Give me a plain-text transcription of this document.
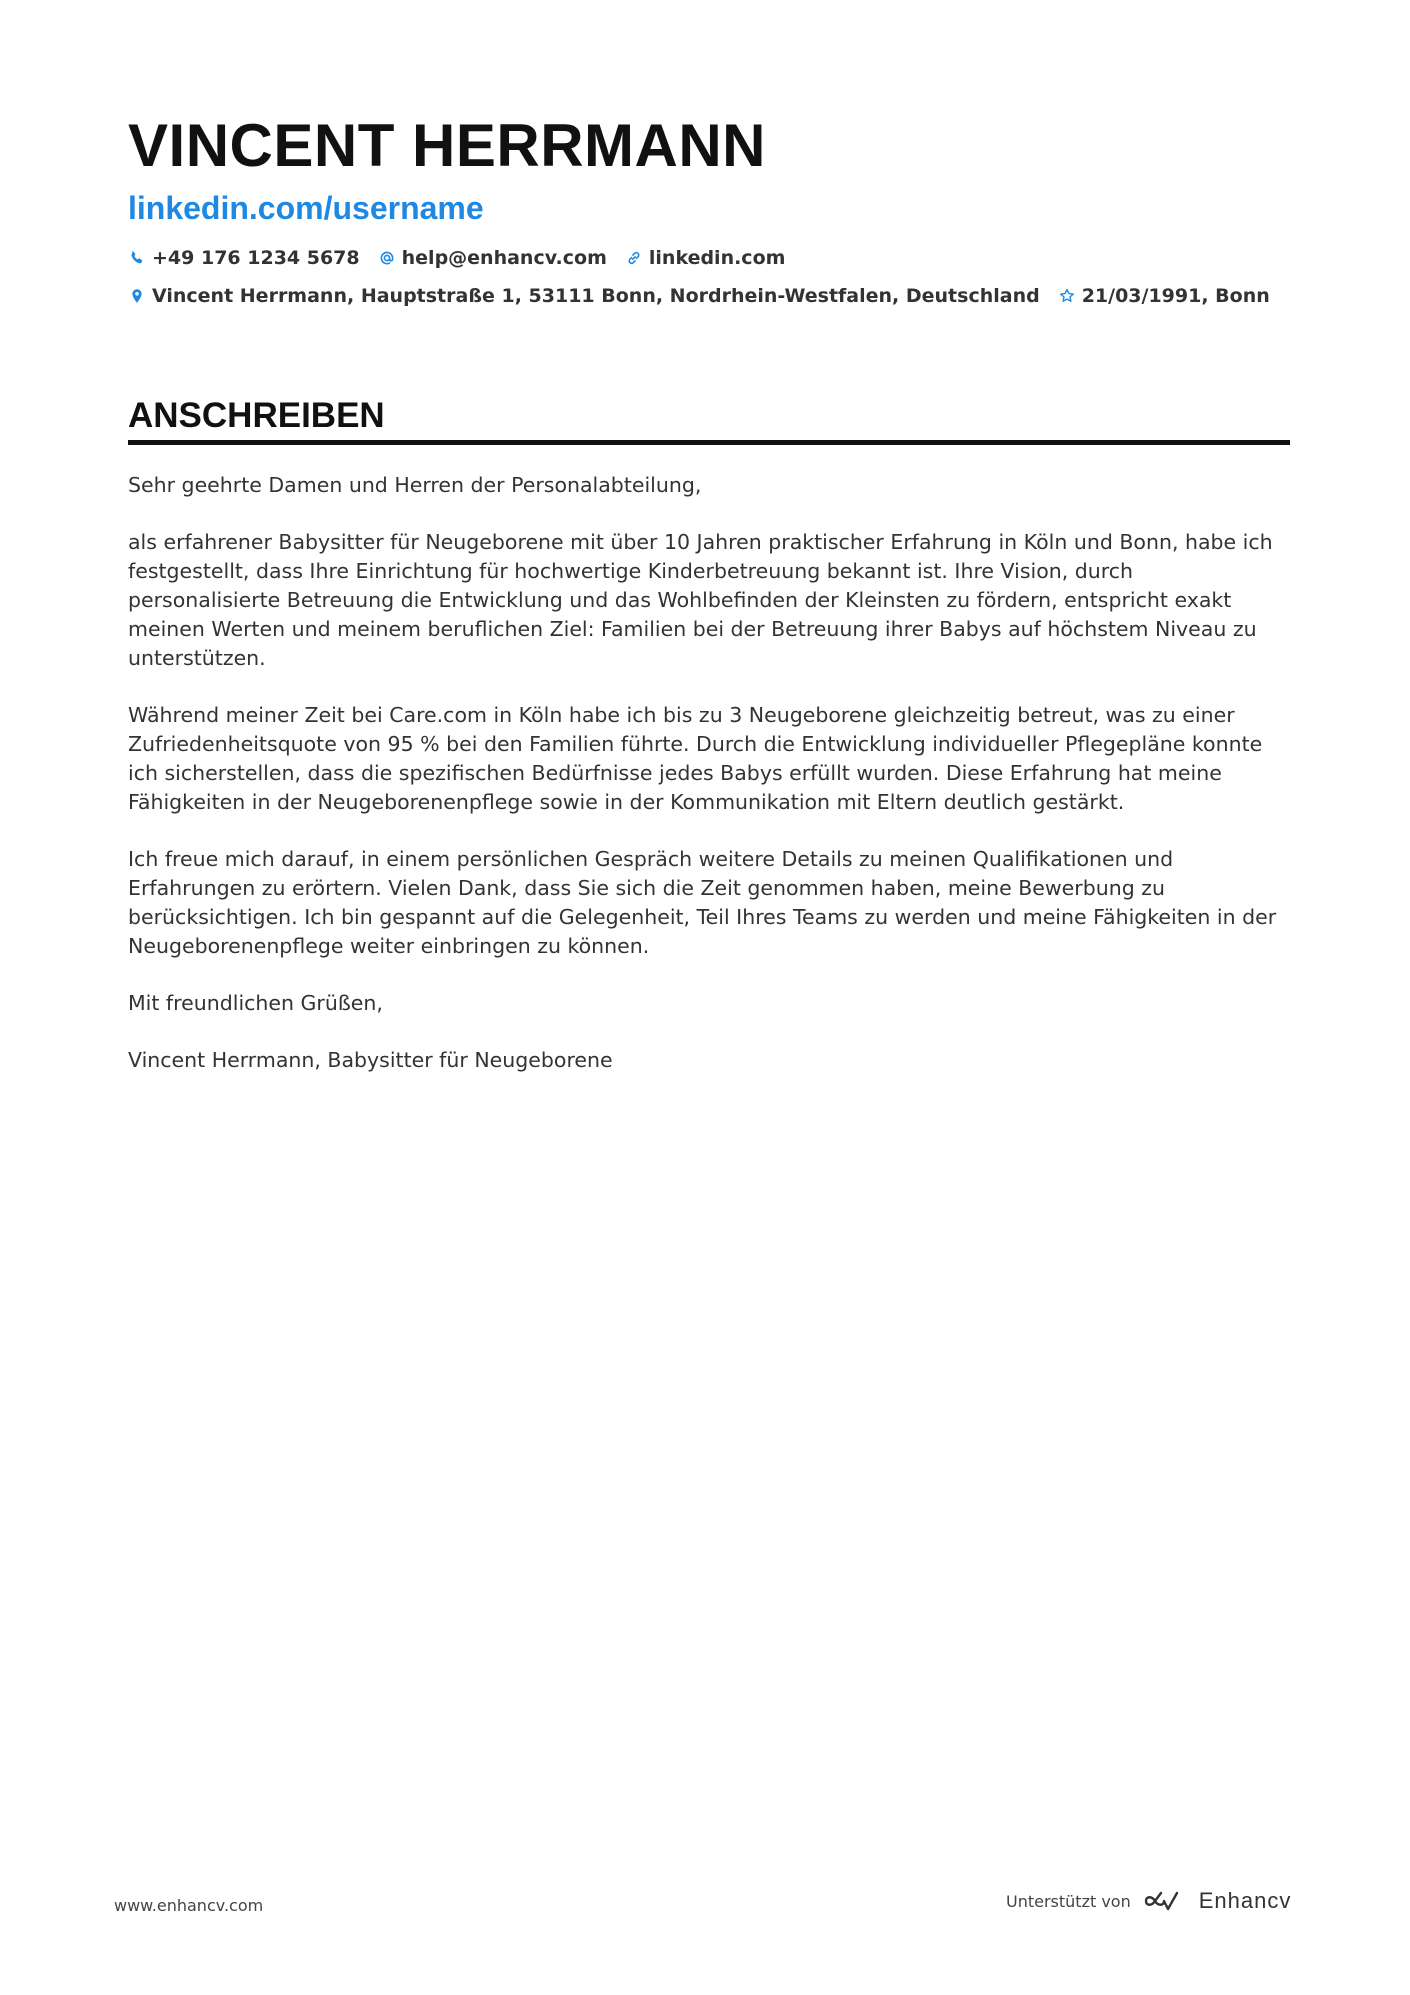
VINCENT HERRMANN
linkedin.com/username
+49 176 1234 5678 help@enhancv.com linkedin.com
Vincent Herrmann, Hauptstraße 1, 53111 Bonn, Nordrhein-Westfalen, Deutschland 21/03/1991, Bonn
ANSCHREIBEN

Sehr geehrte Damen und Herren der Personalabteilung,

als erfahrener Babysitter für Neugeborene mit über 10 Jahren praktischer Erfahrung in Köln und Bonn, habe ich festgestellt, dass Ihre Einrichtung für hochwertige Kinderbetreuung bekannt ist. Ihre Vision, durch personalisierte Betreuung die Entwicklung und das Wohlbefinden der Kleinsten zu fördern, entspricht exakt meinen Werten und meinem beruflichen Ziel: Familien bei der Betreuung ihrer Babys auf höchstem Niveau zu unterstützen.

Während meiner Zeit bei Care.com in Köln habe ich bis zu 3 Neugeborene gleichzeitig betreut, was zu einer Zufriedenheitsquote von 95 % bei den Familien führte. Durch die Entwicklung individueller Pflegepläne konnte ich sicherstellen, dass die spezifischen Bedürfnisse jedes Babys erfüllt wurden. Diese Erfahrung hat meine Fähigkeiten in der Neugeborenenpflege sowie in der Kommunikation mit Eltern deutlich gestärkt.

Ich freue mich darauf, in einem persönlichen Gespräch weitere Details zu meinen Qualifikationen und Erfahrungen zu erörtern. Vielen Dank, dass Sie sich die Zeit genommen haben, meine Bewerbung zu berücksichtigen. Ich bin gespannt auf die Gelegenheit, Teil Ihres Teams zu werden und meine Fähigkeiten in der Neugeborenenpflege weiter einbringen zu können.

Mit freundlichen Grüßen,

Vincent Herrmann, Babysitter für Neugeborene

www.enhancv.com	Unterstützt von	Enhancv
